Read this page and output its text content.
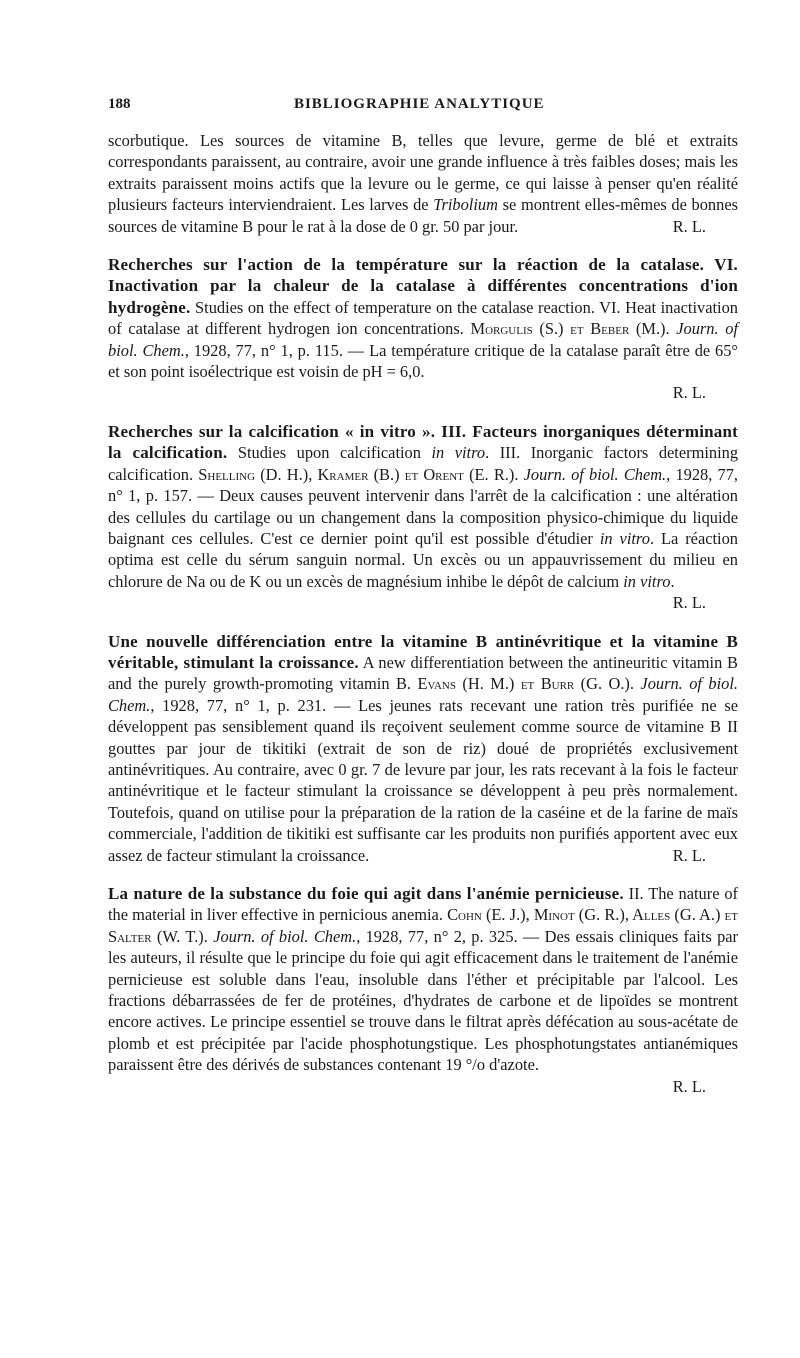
188	BIBLIOGRAPHIE ANALYTIQUE

scorbutique. Les sources de vitamine B, telles que levure, germe de blé et extraits correspondants paraissent, au contraire, avoir une grande influence à très faibles doses; mais les extraits paraissent moins actifs que la levure ou le germe, ce qui laisse à penser qu'en réalité plusieurs facteurs interviendraient. Les larves de Tribolium se montrent elles-mêmes de bonnes sources de vitamine B pour le rat à la dose de 0 gr. 50 par jour.	R. L.

Recherches sur l'action de la température sur la réaction de la catalase. VI. Inactivation par la chaleur de la catalase à différentes concentrations d'ion hydrogène. Studies on the effect of temperature on the catalase reaction. VI. Heat inactivation of catalase at different hydrogen ion concentrations. Morgulis (S.) et Beber (M.). Journ. of biol. Chem., 1928, 77, n° 1, p. 115. — La température critique de la catalase paraît être de 65° et son point isoélectrique est voisin de pH = 6,0.

R. L.

Recherches sur la calcification « in vitro ». III. Facteurs inorganiques déterminant la calcification. Studies upon calcification in vitro. III. Inorganic factors determining calcification. Shelling (D. H.), Kramer (B.) et Orent (E. R.). Journ. of biol. Chem., 1928, 77, n° 1, p. 157. — Deux causes peuvent intervenir dans l'arrêt de la calcification : une altération des cellules du cartilage ou un changement dans la composition physico-chimique du liquide baignant ces cellules. C'est ce dernier point qu'il est possible d'étudier in vitro. La réaction optima est celle du sérum sanguin normal. Un excès ou un appauvrissement du milieu en chlorure de Na ou de K ou un excès de magnésium inhibe le dépôt de calcium in vitro.

R. L.

Une nouvelle différenciation entre la vitamine B antinévritique et la vitamine B véritable, stimulant la croissance. A new differentiation between the antineuritic vitamin B and the purely growth-promoting vitamin B. Evans (H. M.) et Burr (G. O.). Journ. of biol. Chem., 1928, 77, n° 1, p. 231. — Les jeunes rats recevant une ration très purifiée ne se développent pas sensiblement quand ils reçoivent seulement comme source de vitamine B II gouttes par jour de tikitiki (extrait de son de riz) doué de propriétés exclusivement antinévritiques. Au contraire, avec 0 gr. 7 de levure par jour, les rats recevant à la fois le facteur antinévritique et le facteur stimulant la croissance se développent à peu près normalement. Toutefois, quand on utilise pour la préparation de la ration de la caséine et de la farine de maïs commerciale, l'addition de tikitiki est suffisante car les produits non purifiés apportent avec eux assez de facteur stimulant la croissance.	R. L.

La nature de la substance du foie qui agit dans l'anémie pernicieuse. II. The nature of the material in liver effective in pernicious anemia. Cohn (E. J.), Minot (G. R.), Alles (G. A.) et Salter (W. T.). Journ. of biol. Chem., 1928, 77, n° 2, p. 325. — Des essais cliniques faits par les auteurs, il résulte que le principe du foie qui agit efficacement dans le traitement de l'anémie pernicieuse est soluble dans l'eau, insoluble dans l'éther et précipitable par l'alcool. Les fractions débarrassées de fer de protéines, d'hydrates de carbone et de lipoïdes se montrent encore actives. Le principe essentiel se trouve dans le filtrat après défécation au sous-acétate de plomb et est précipitée par l'acide phosphotungstique. Les phosphotungstates antianémiques paraissent être des dérivés de substances contenant 19 °/o d'azote.

R. L.
